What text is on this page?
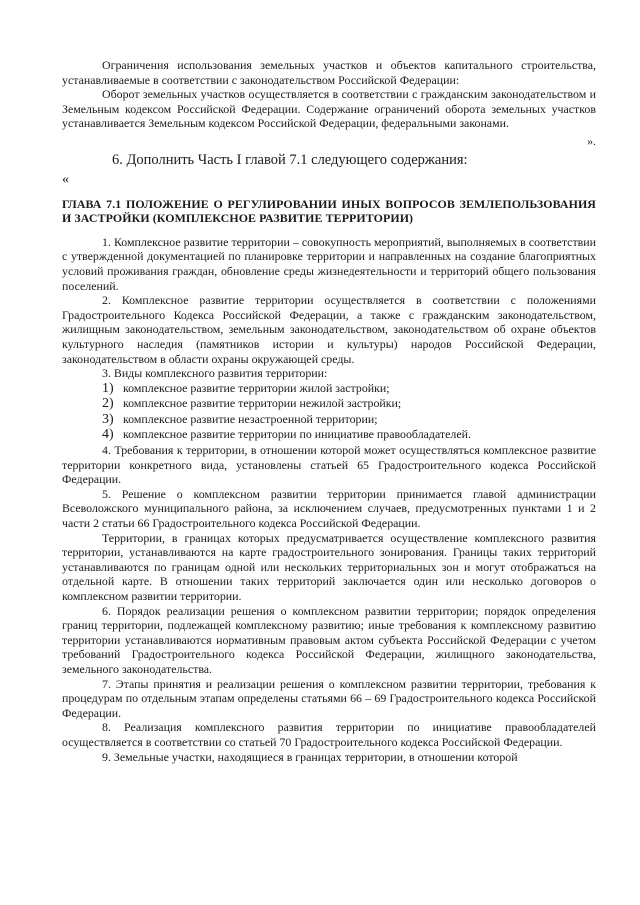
Ограничения использования земельных участков и объектов капитального строительства, устанавливаемые в соответствии с законодательством Российской Федерации:

Оборот земельных участков осуществляется в соответствии с гражданским законодательством и Земельным кодексом Российской Федерации. Содержание ограничений оборота земельных участков устанавливается Земельным кодексом Российской Федерации, федеральными законами.

».

6. Дополнить Часть I главой 7.1 следующего содержания:

«

ГЛАВА 7.1 ПОЛОЖЕНИЕ О РЕГУЛИРОВАНИИ ИНЫХ ВОПРОСОВ ЗЕМЛЕПОЛЬЗОВАНИЯ И ЗАСТРОЙКИ (КОМПЛЕКСНОЕ РАЗВИТИЕ ТЕРРИТОРИИ)

1. Комплексное развитие территории – совокупность мероприятий, выполняемых в соответствии с утвержденной документацией по планировке территории и направленных на создание благоприятных условий проживания граждан, обновление среды жизнедеятельности и территорий общего пользования поселений.

2. Комплексное развитие территории осуществляется в соответствии с положениями Градостроительного Кодекса Российской Федерации, а также с гражданским законодательством, жилищным законодательством, земельным законодательством, законодательством об охране объектов культурного наследия (памятников истории и культуры) народов Российской Федерации, законодательством в области охраны окружающей среды.

3. Виды комплексного развития территории:

1) комплексное развитие территории жилой застройки;
2) комплексное развитие территории нежилой застройки;
3) комплексное развитие незастроенной территории;
4) комплексное развитие территории по инициативе правообладателей.

4. Требования к территории, в отношении которой может осуществляться комплексное развитие территории конкретного вида, установлены статьей 65 Градостроительного кодекса Российской Федерации.

5. Решение о комплексном развитии территории принимается главой администрации Всеволожского муниципального района, за исключением случаев, предусмотренных пунктами 1 и 2 части 2 статьи 66 Градостроительного кодекса Российской Федерации.

Территории, в границах которых предусматривается осуществление комплексного развития территории, устанавливаются на карте градостроительного зонирования. Границы таких территорий устанавливаются по границам одной или нескольких территориальных зон и могут отображаться на отдельной карте. В отношении таких территорий заключается один или несколько договоров о комплексном развитии территории.

6. Порядок реализации решения о комплексном развитии территории; порядок определения границ территории, подлежащей комплексному развитию; иные требования к комплексному развитию территории устанавливаются нормативным правовым актом субъекта Российской Федерации с учетом требований Градостроительного кодекса Российской Федерации, жилищного законодательства, земельного законодательства.

7. Этапы принятия и реализации решения о комплексном развитии территории, требования к процедурам по отдельным этапам определены статьями 66 – 69 Градостроительного кодекса Российской Федерации.

8. Реализация комплексного развития территории по инициативе правообладателей осуществляется в соответствии со статьей 70 Градостроительного кодекса Российской Федерации.

9. Земельные участки, находящиеся в границах территории, в отношении которой
